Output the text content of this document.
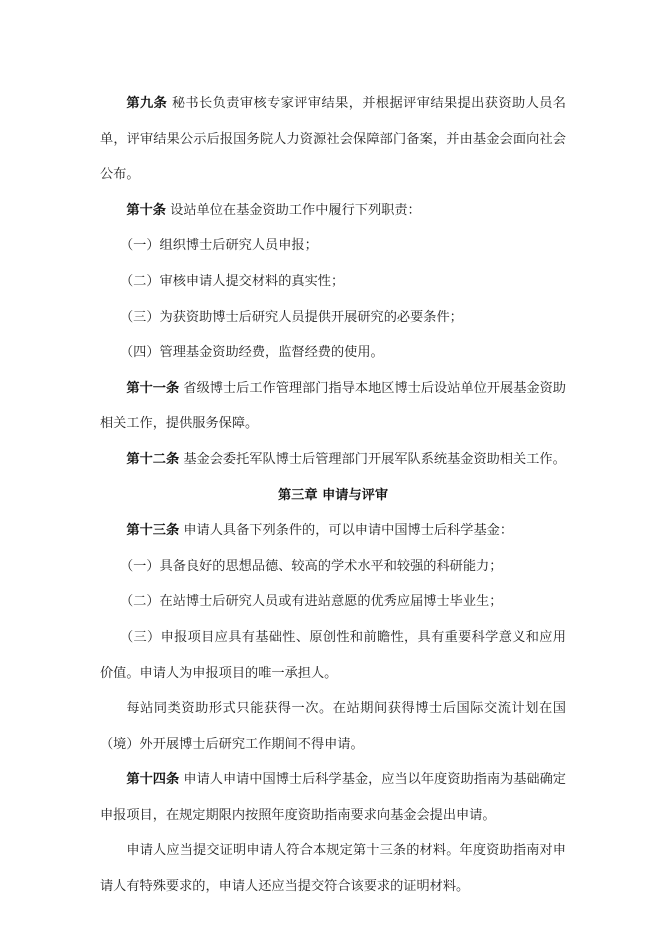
第九条 秘书长负责审核专家评审结果，并根据评审结果提出获资助人员名单，评审结果公示后报国务院人力资源社会保障部门备案，并由基金会面向社会公布。

第十条 设站单位在基金资助工作中履行下列职责：

（一）组织博士后研究人员申报；

（二）审核申请人提交材料的真实性；

（三）为获资助博士后研究人员提供开展研究的必要条件；

（四）管理基金资助经费，监督经费的使用。

第十一条 省级博士后工作管理部门指导本地区博士后设站单位开展基金资助相关工作，提供服务保障。

第十二条 基金会委托军队博士后管理部门开展军队系统基金资助相关工作。

第三章 申请与评审

第十三条 申请人具备下列条件的，可以申请中国博士后科学基金：

（一）具备良好的思想品德、较高的学术水平和较强的科研能力；

（二）在站博士后研究人员或有进站意愿的优秀应届博士毕业生；

（三）申报项目应具有基础性、原创性和前瞻性，具有重要科学意义和应用价值。申请人为申报项目的唯一承担人。

每站同类资助形式只能获得一次。在站期间获得博士后国际交流计划在国（境）外开展博士后研究工作期间不得申请。

第十四条 申请人申请中国博士后科学基金，应当以年度资助指南为基础确定申报项目，在规定期限内按照年度资助指南要求向基金会提出申请。

申请人应当提交证明申请人符合本规定第十三条的材料。年度资助指南对申请人有特殊要求的，申请人还应当提交符合该要求的证明材料。
